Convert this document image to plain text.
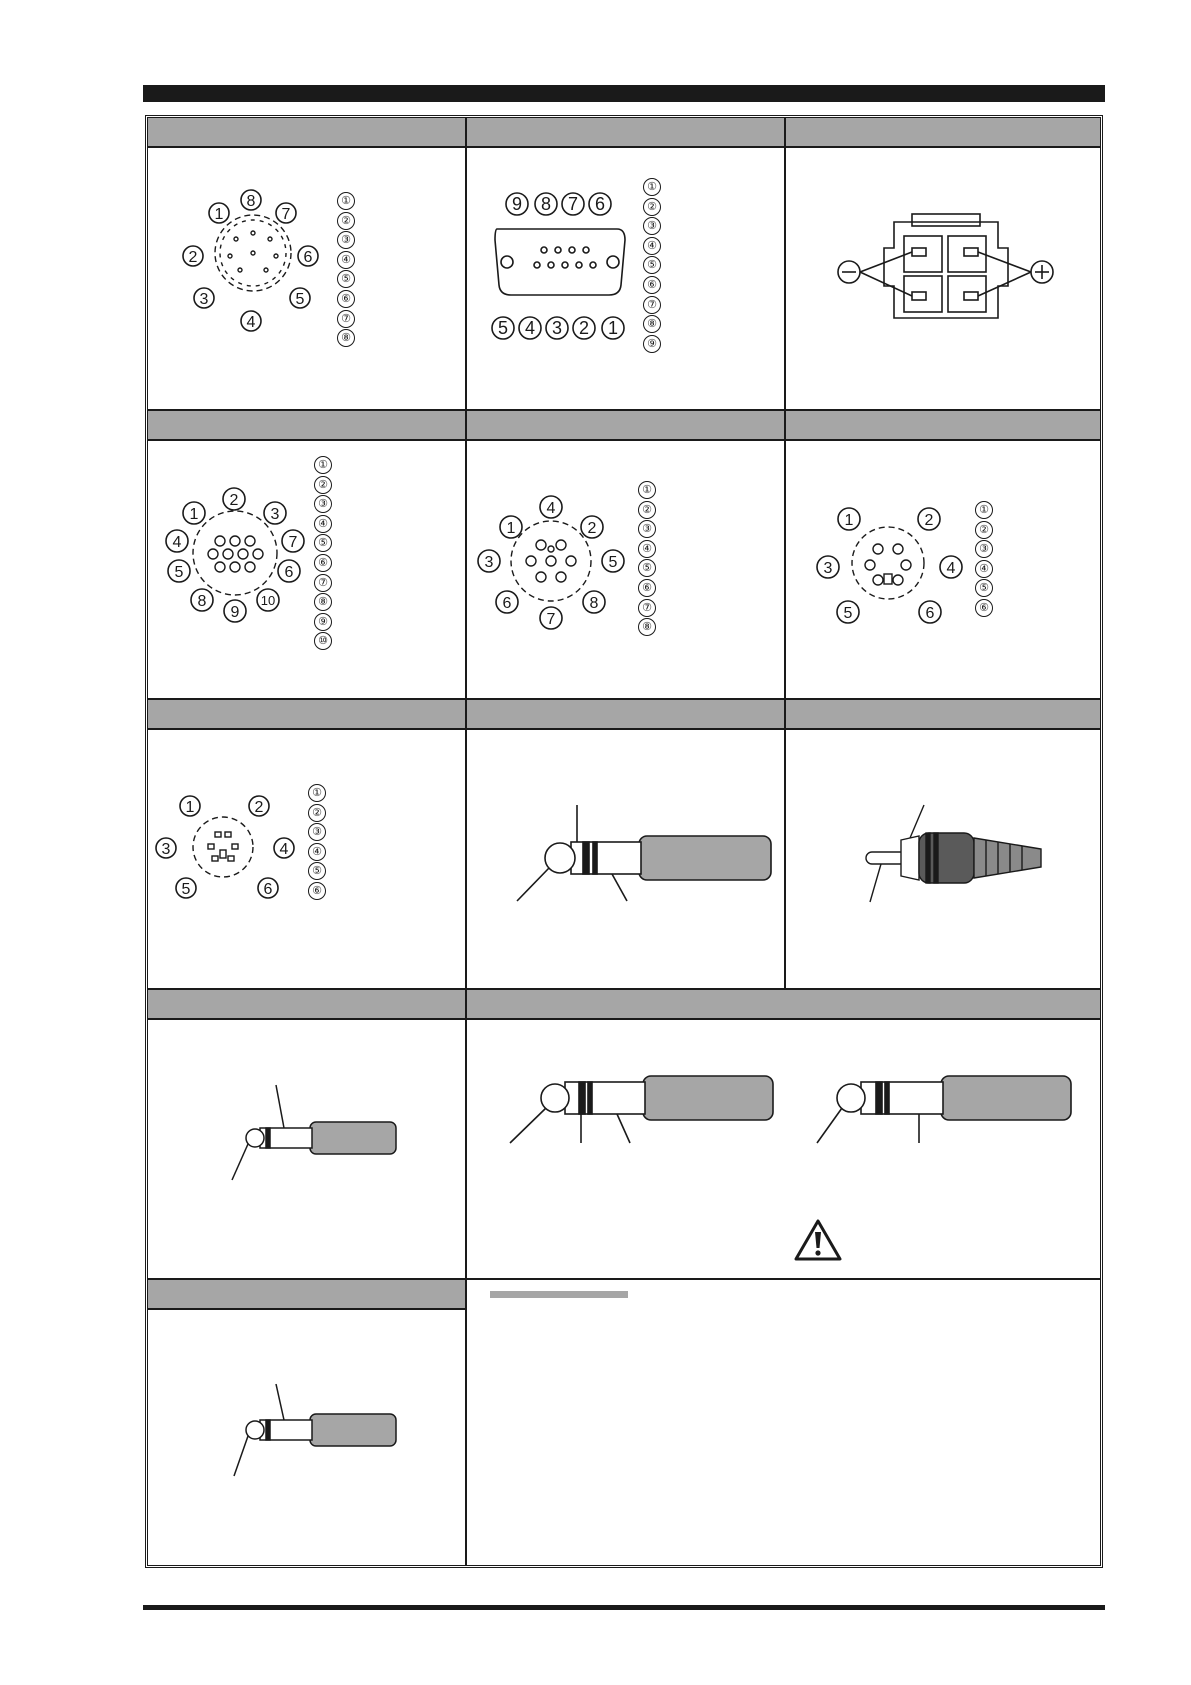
1
8
7
2	6
3	5
4
①
②
③
④
⑤
⑥
⑦
⑧
9 8 7 6
5 4 3 2 1
①
②
③
④
⑤
⑥
⑦
⑧
⑨
1
2
3
4	7
5	6
8
9
10
①
②
③
④
⑤
⑥
⑦
⑧
⑨
⑩
1
4
2
3	5
6	8
7
①
②
③
④
⑤
⑥
⑦
⑧
1	2
3	4
5	6
①
②
③
④
⑤
⑥
1	2
3	4
5	6
①
②
③
④
⑤
⑥
